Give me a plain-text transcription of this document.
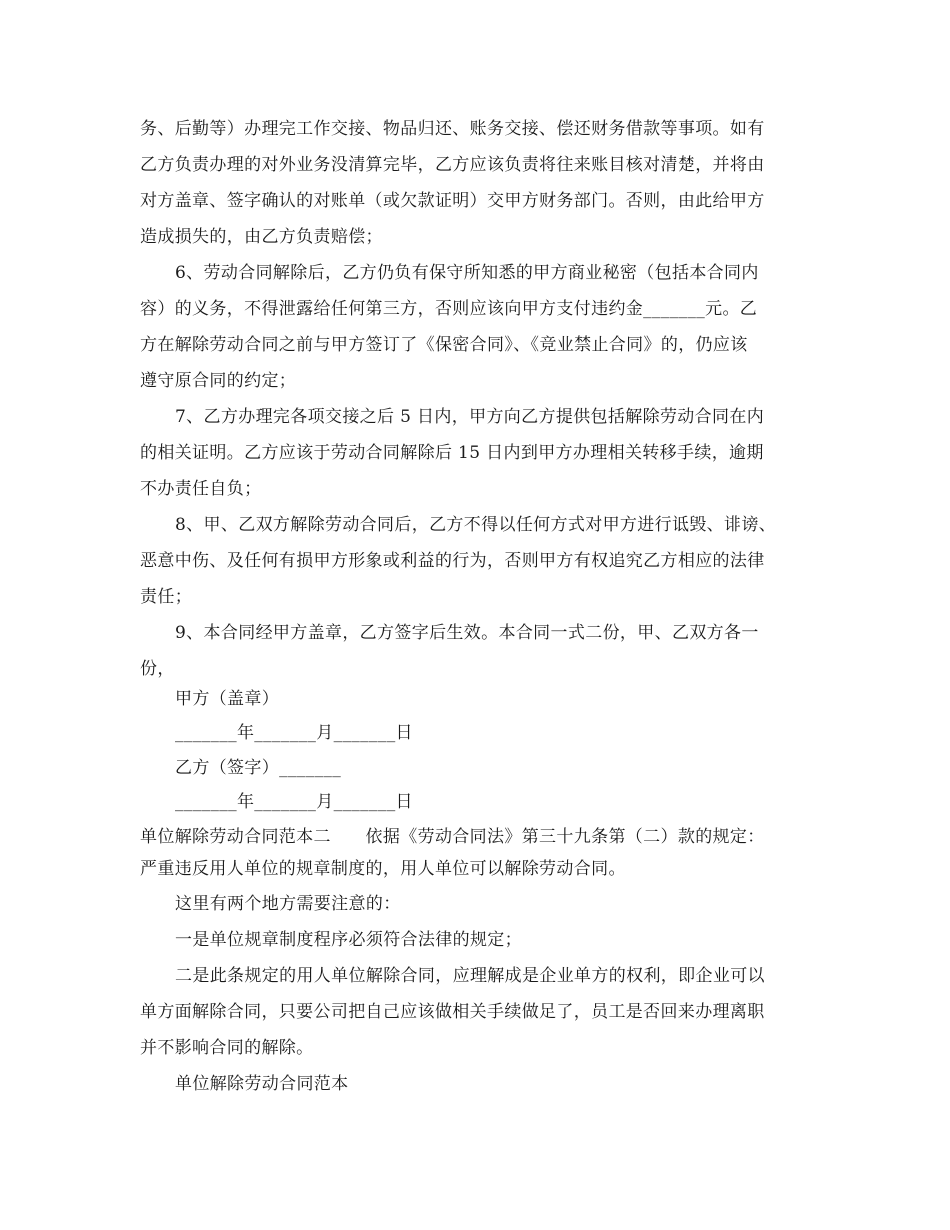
务、后勤等）办理完工作交接、物品归还、账务交接、偿还财务借款等事项。如有
乙方负责办理的对外业务没清算完毕，乙方应该负责将往来账目核对清楚，并将由
对方盖章、签字确认的对账单（或欠款证明）交甲方财务部门。否则，由此给甲方
造成损失的，由乙方负责赔偿；
6、劳动合同解除后，乙方仍负有保守所知悉的甲方商业秘密（包括本合同内
容）的义务，不得泄露给任何第三方，否则应该向甲方支付违约金_______元。乙
方在解除劳动合同之前与甲方签订了《保密合同》、《竞业禁止合同》的，仍应该
遵守原合同的约定；
7、乙方办理完各项交接之后 5 日内，甲方向乙方提供包括解除劳动合同在内
的相关证明。乙方应该于劳动合同解除后 15 日内到甲方办理相关转移手续，逾期
不办责任自负；
8、甲、乙双方解除劳动合同后，乙方不得以任何方式对甲方进行诋毁、诽谤、
恶意中伤、及任何有损甲方形象或利益的行为，否则甲方有权追究乙方相应的法律
责任；
9、本合同经甲方盖章，乙方签字后生效。本合同一式二份，甲、乙双方各一
份，
甲方（盖章）
_______年_______月_______日
乙方（签字）_______
_______年_______月_______日
单位解除劳动合同范本二　　依据《劳动合同法》第三十九条第（二）款的规定：
严重违反用人单位的规章制度的，用人单位可以解除劳动合同。
这里有两个地方需要注意的：
一是单位规章制度程序必须符合法律的规定；
二是此条规定的用人单位解除合同，应理解成是企业单方的权利，即企业可以
单方面解除合同，只要公司把自己应该做相关手续做足了，员工是否回来办理离职
并不影响合同的解除。
单位解除劳动合同范本
